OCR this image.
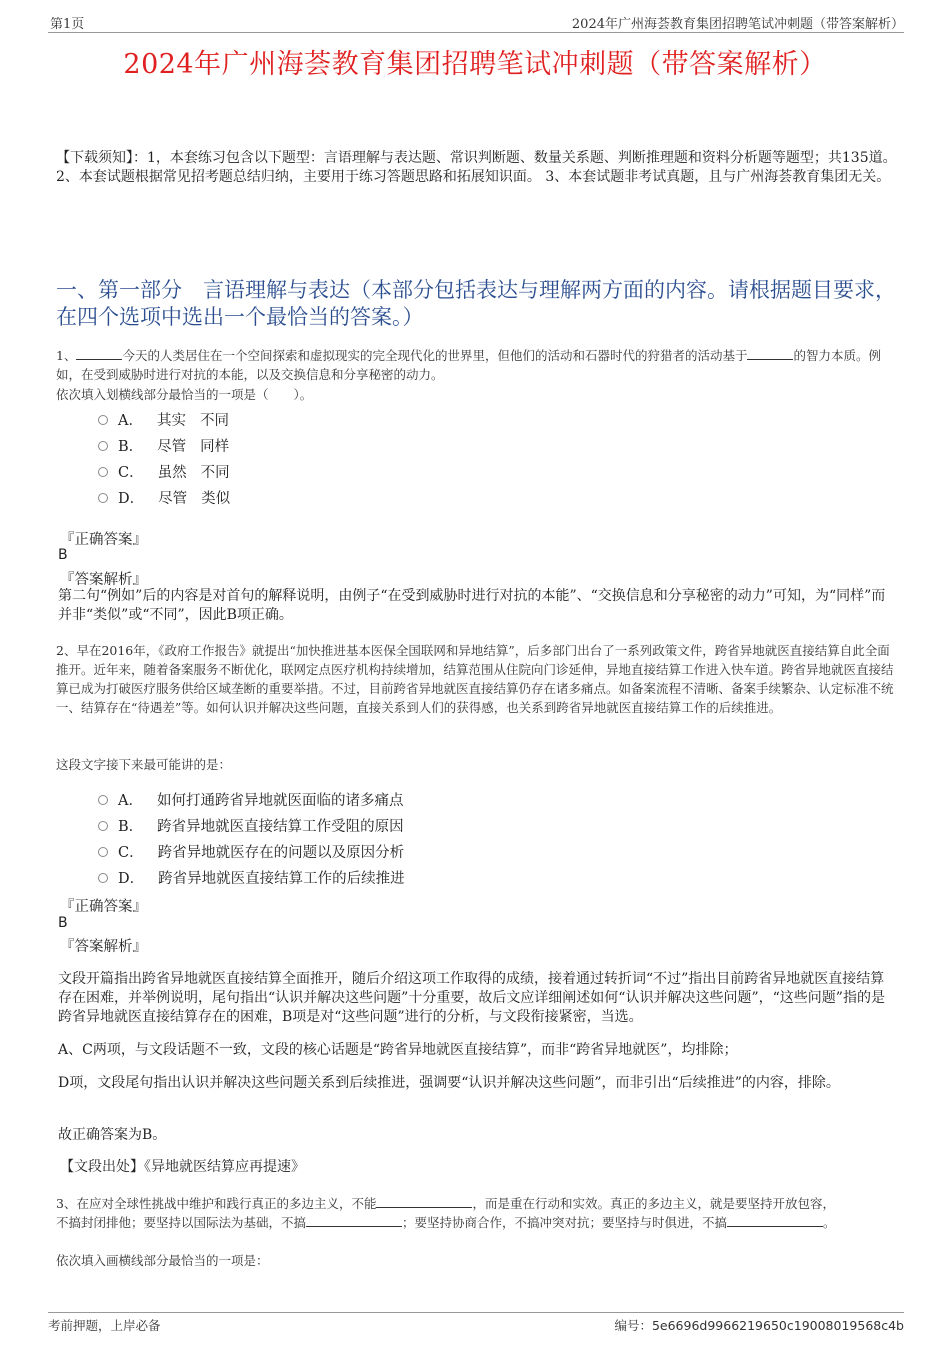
第1页	2024年广州海荟教育集团招聘笔试冲刺题（带答案解析）
2024年广州海荟教育集团招聘笔试冲刺题（带答案解析）
【下载须知】：1，本套练习包含以下题型：言语理解与表达题、常识判断题、数量关系题、判断推理题和资料分析题等题型；共135道。 2、本套试题根据常见招考题总结归纳，主要用于练习答题思路和拓展知识面。 3、本套试题非考试真题，且与广州海荟教育集团无关。
一、第一部分　言语理解与表达（本部分包括表达与理解两方面的内容。请根据题目要求，在四个选项中选出一个最恰当的答案。）
1、	今天的人类居住在一个空间探索和虚拟现实的完全现代化的世界里，但他们的活动和石器时代的狩猎者的活动基于	的智力本质。例如，在受到威胁时进行对抗的本能，以及交换信息和分享秘密的动力。
依次填入划横线部分最恰当的一项是（　　）。
A． 其实 不同
B． 尽管 同样
C． 虽然 不同
D． 尽管 类似
『正确答案』
B
『答案解析』
第二句“例如”后的内容是对首句的解释说明，由例子“在受到威胁时进行对抗的本能”、“交换信息和分享秘密的动力”可知，为“同样”而并非“类似”或“不同”，因此B项正确。
2、早在2016年，《政府工作报告》就提出“加快推进基本医保全国联网和异地结算”，后多部门出台了一系列政策文件，跨省异地就医直接结算自此全面推开。近年来，随着备案服务不断优化，联网定点医疗机构持续增加，结算范围从住院向门诊延伸，异地直接结算工作进入快车道。跨省异地就医直接结算已成为打破医疗服务供给区域垄断的重要举措。不过，目前跨省异地就医直接结算仍存在诸多痛点。如备案流程不清晰、备案手续繁杂、认定标准不统一、结算存在“待遇差”等。如何认识并解决这些问题，直接关系到人们的获得感，也关系到跨省异地就医直接结算工作的后续推进。
这段文字接下来最可能讲的是：
A． 如何打通跨省异地就医面临的诸多痛点
B． 跨省异地就医直接结算工作受阻的原因
C． 跨省异地就医存在的问题以及原因分析
D． 跨省异地就医直接结算工作的后续推进
『正确答案』
B
『答案解析』
文段开篇指出跨省异地就医直接结算全面推开，随后介绍这项工作取得的成绩，接着通过转折词“不过”指出目前跨省异地就医直接结算存在困难，并举例说明，尾句指出“认识并解决这些问题”十分重要，故后文应详细阐述如何“认识并解决这些问题”，“这些问题”指的是跨省异地就医直接结算存在的困难，B项是对“这些问题”进行的分析，与文段衔接紧密，当选。
A、C两项，与文段话题不一致，文段的核心话题是“跨省异地就医直接结算”，而非“跨省异地就医”，均排除；
D项，文段尾句指出认识并解决这些问题关系到后续推进，强调要“认识并解决这些问题”，而非引出“后续推进”的内容，排除。
故正确答案为B。
【文段出处】《异地就医结算应再提速》
3、在应对全球性挑战中维护和践行真正的多边主义，不能	，而是重在行动和实效。真正的多边主义，就是要坚持开放包容，
不搞封闭排他；要坚持以国际法为基础，不搞	；要坚持协商合作，不搞冲突对抗；要坚持与时俱进，不搞	。
依次填入画横线部分最恰当的一项是：
考前押题，上岸必备	编号：5e6696d9966219650c19008019568c4b
